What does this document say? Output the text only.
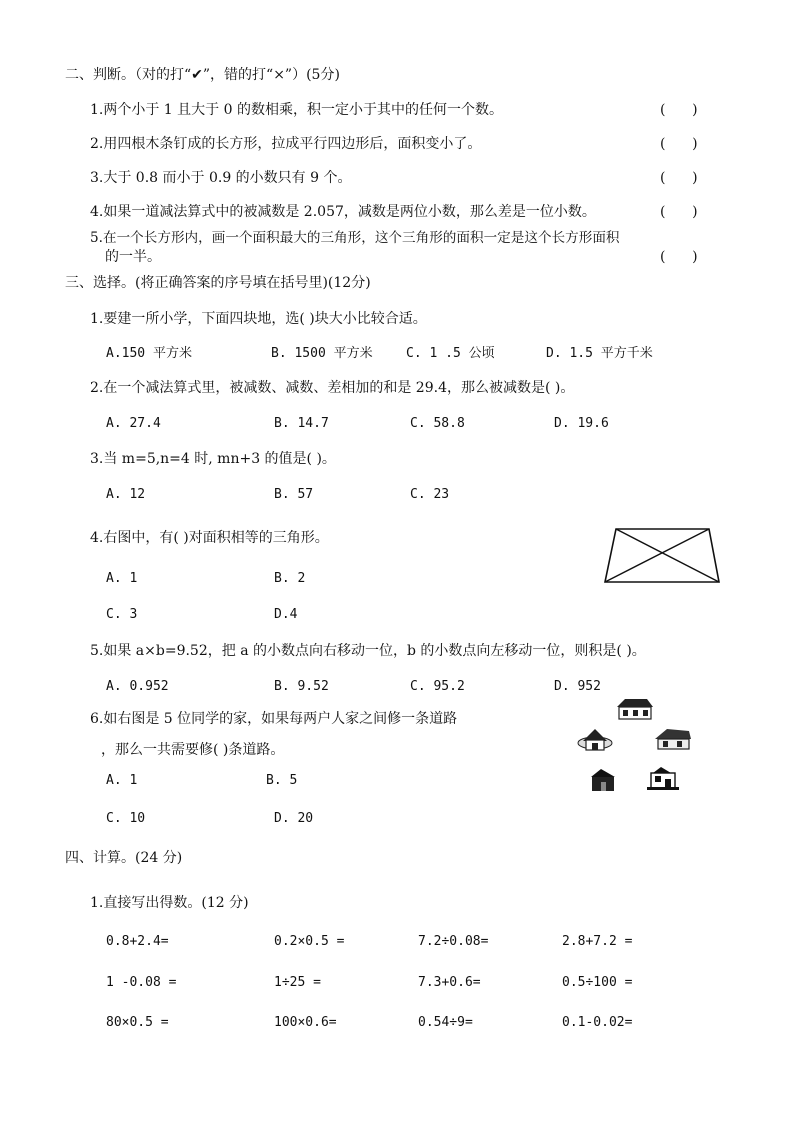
二、判断。（对的打“✔”，错的打“×”）(5分)
1.两个小于 1 且大于 0 的数相乘，积一定小于其中的任何一个数。	(      )
2.用四根木条钉成的长方形，拉成平行四边形后，面积变小了。	(      )
3.大于 0.8 而小于 0.9 的小数只有 9 个。	(      )
4.如果一道减法算式中的被减数是 2.057，减数是两位小数，那么差是一位小数。	(      )
5.在一个长方形内，画一个面积最大的三角形，这个三角形的面积一定是这个长方形面积
的一半。	(      )
三、选择。(将正确答案的序号填在括号里)(12分)
1.要建一所小学，下面四块地，选( )块大小比较合适。
A.150 平方米	B. 1500 平方米	C. 1 .5 公顷	D. 1.5 平方千米
2.在一个减法算式里，被减数、减数、差相加的和是 29.4，那么被减数是( )。
A. 27.4	B. 14.7	C. 58.8	D. 19.6
3.当 m=5,n=4 时, mn+3 的值是( )。
A. 12	B. 57	C. 23
4.右图中，有( )对面积相等的三角形。
A. 1	B. 2
C. 3	D.4
5.如果 a×b=9.52，把 a 的小数点向右移动一位，b 的小数点向左移动一位，则积是( )。
A. 0.952	B. 9.52	C. 95.2	D. 952
6.如右图是 5 位同学的家，如果每两户人家之间修一条道路
，那么一共需要修( )条道路。
A. 1	B. 5
C. 10	D. 20
四、计算。(24 分)
1.直接写出得数。(12 分)
0.8+2.4=	0.2×0.5 =	7.2÷0.08=	2.8+7.2 =
1 -0.08 =	1÷25 =	7.3+0.6=	0.5÷100 =
80×0.5 =	100×0.6=	0.54÷9=	0.1-0.02=
